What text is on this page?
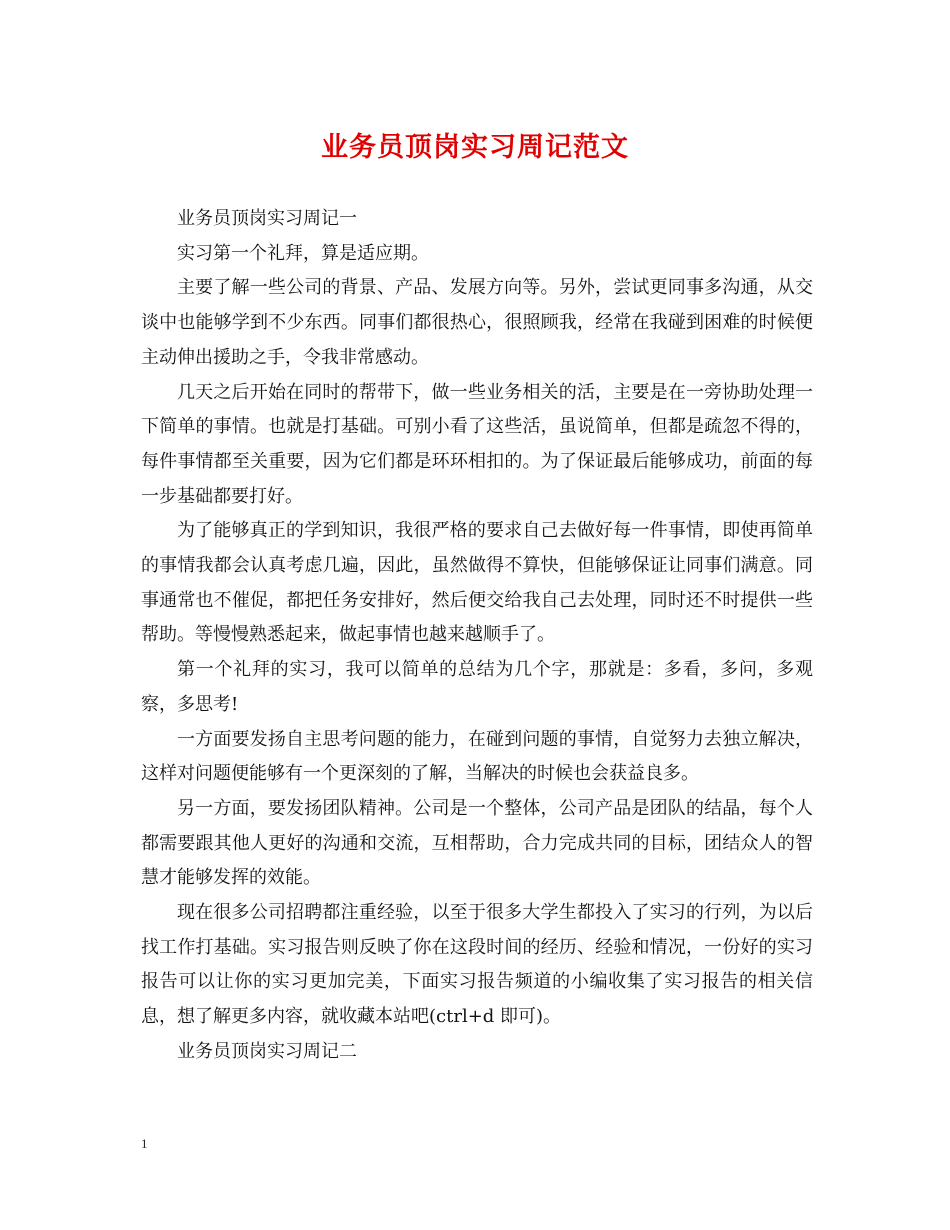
业务员顶岗实习周记范文

业务员顶岗实习周记一

实习第一个礼拜，算是适应期。

主要了解一些公司的背景、产品、发展方向等。另外，尝试更同事多沟通，从交谈中也能够学到不少东西。同事们都很热心，很照顾我，经常在我碰到困难的时候便主动伸出援助之手，令我非常感动。

几天之后开始在同时的帮带下，做一些业务相关的活，主要是在一旁协助处理一下简单的事情。也就是打基础。可别小看了这些活，虽说简单，但都是疏忽不得的，每件事情都至关重要，因为它们都是环环相扣的。为了保证最后能够成功，前面的每一步基础都要打好。

为了能够真正的学到知识，我很严格的要求自己去做好每一件事情，即使再简单的事情我都会认真考虑几遍，因此，虽然做得不算快，但能够保证让同事们满意。同事通常也不催促，都把任务安排好，然后便交给我自己去处理，同时还不时提供一些帮助。等慢慢熟悉起来，做起事情也越来越顺手了。

第一个礼拜的实习，我可以简单的总结为几个字，那就是：多看，多问，多观察，多思考!

一方面要发扬自主思考问题的能力，在碰到问题的事情，自觉努力去独立解决，这样对问题便能够有一个更深刻的了解，当解决的时候也会获益良多。

另一方面，要发扬团队精神。公司是一个整体，公司产品是团队的结晶，每个人都需要跟其他人更好的沟通和交流，互相帮助，合力完成共同的目标，团结众人的智慧才能够发挥的效能。

现在很多公司招聘都注重经验，以至于很多大学生都投入了实习的行列，为以后找工作打基础。实习报告则反映了你在这段时间的经历、经验和情况，一份好的实习报告可以让你的实习更加完美，下面实习报告频道的小编收集了实习报告的相关信息，想了解更多内容，就收藏本站吧(ctrl+d 即可)。

业务员顶岗实习周记二

1
